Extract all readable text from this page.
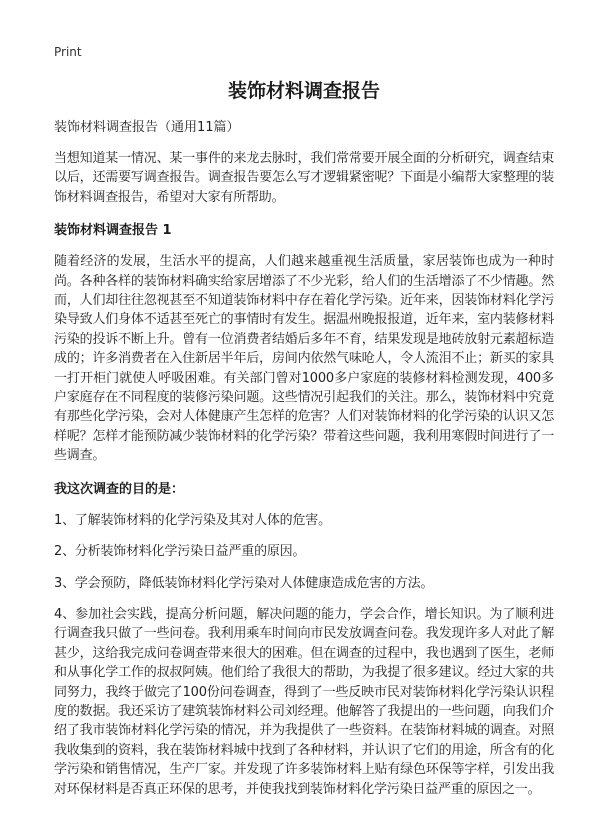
Print
装饰材料调查报告
装饰材料调查报告（通用11篇）

当想知道某一情况、某一事件的来龙去脉时，我们常常要开展全面的分析研究，调查结束以后，还需要写调查报告。调查报告要怎么写才逻辑紧密呢？下面是小编帮大家整理的装饰材料调查报告，希望对大家有所帮助。

装饰材料调查报告 1

随着经济的发展，生活水平的提高，人们越来越重视生活质量，家居装饰也成为一种时尚。各种各样的装饰材料确实给家居增添了不少光彩，给人们的生活增添了不少情趣。然而，人们却往往忽视甚至不知道装饰材料中存在着化学污染。近年来，因装饰材料化学污染导致人们身体不适甚至死亡的事情时有发生。据温州晚报报道，近年来，室内装修材料污染的投诉不断上升。曾有一位消费者结婚后多年不育，结果发现是地砖放射元素超标造成的；许多消费者在入住新居半年后，房间内依然气味呛人，令人流泪不止；新买的家具一打开柜门就使人呼吸困难。有关部门曾对1000多户家庭的装修材料检测发现，400多户家庭存在不同程度的装修污染问题。这些情况引起我们的关注。那么，装饰材料中究竟有那些化学污染，会对人体健康产生怎样的危害？人们对装饰材料的化学污染的认识又怎样呢？怎样才能预防减少装饰材料的化学污染？带着这些问题，我利用寒假时间进行了一些调查。

我这次调查的目的是：
1、了解装饰材料的化学污染及其对人体的危害。
2、分析装饰材料化学污染日益严重的原因。
3、学会预防，降低装饰材料化学污染对人体健康造成危害的方法。
4、参加社会实践，提高分析问题，解决问题的能力，学会合作，增长知识。为了顺利进行调查我只做了一些问卷。我利用乘车时间向市民发放调查问卷。我发现许多人对此了解甚少，这给我完成问卷调查带来很大的困难。但在调查的过程中，我也遇到了医生，老师和从事化学工作的叔叔阿姨。他们给了我很大的帮助，为我提了很多建议。经过大家的共同努力，我终于做完了100份问卷调查，得到了一些反映市民对装饰材料化学污染认识程度的数据。我还采访了建筑装饰材料公司刘经理。他解答了我提出的一些问题，向我们介绍了我市装饰材料化学污染的情况，并为我提供了一些资料。在装饰材料城的调查。对照我收集到的资料，我在装饰材料城中找到了各种材料，并认识了它们的用途，所含有的化学污染和销售情况，生产厂家。并发现了许多装饰材料上贴有绿色环保等字样，引发出我对环保材料是否真正环保的思考，并使我找到装饰材料化学污染日益严重的原因之一。
